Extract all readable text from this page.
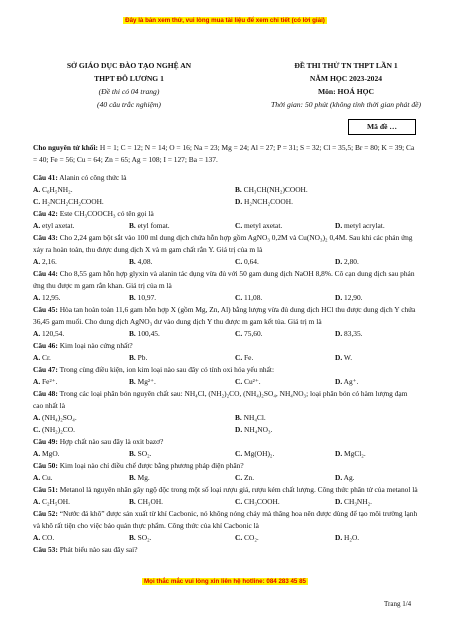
Đây là bản xem thử, vui lòng mua tài liệu để xem chi tiết (có lời giải)
SỞ GIÁO DỤC ĐÀO TẠO NGHỆ AN
THPT ĐÔ LƯƠNG 1
(Đề thi có 04 trang)
(40 câu trắc nghiệm)
ĐỀ THI THỬ TN THPT LẦN 1
NĂM HỌC 2023-2024
Môn: HOÁ HỌC
Thời gian: 50 phút (không tính thời gian phát đề)
Mã đề …
Cho nguyên tử khối: H = 1; C = 12; N = 14; O = 16; Na = 23; Mg = 24; Al = 27; P = 31; S = 32; Cl = 35,5; Br = 80; K = 39; Ca = 40; Fe = 56; Cu = 64; Zn = 65; Ag = 108; I = 127; Ba = 137.
Câu 41: Alanin có công thức là
A. C₆H₅NH₂.	B. CH₃CH(NH₂)COOH.
C. H₂NCH₂CH₂COOH.	D. H₂NCH₂COOH.
Câu 42: Este CH₃COOCH₃ có tên gọi là
A. etyl axetat.	B. etyl fomat.	C. metyl axetat.	D. metyl acrylat.
Câu 43: Cho 2,24 gam bột sắt vào 100 ml dung dịch chứa hỗn hợp gồm AgNO₃ 0,2M và Cu(NO₃)₂ 0,4M. Sau khi các phản ứng xảy ra hoàn toàn, thu được dung dịch X và m gam chất rắn Y. Giá trị của m là
A. 2,16.	B. 4,08.	C. 0,64.	D. 2,80.
Câu 44: Cho 8,55 gam hỗn hợp glyxin và alanin tác dụng vừa đủ với 50 gam dung dịch NaOH 8,8%. Cô cạn dung dịch sau phản ứng thu được m gam rắn khan. Giá trị của m là
A. 12,95.	B. 10,97.	C. 11,08.	D. 12,90.
Câu 45: Hòa tan hoàn toàn 11,6 gam hỗn hợp X (gồm Mg, Zn, Al) bằng lượng vừa đủ dung dịch HCl thu được dung dịch Y chứa 36,45 gam muối. Cho dung dịch AgNO₃ dư vào dung dịch Y thu được m gam kết tủa. Giá trị m là
A. 120,54.	B. 100,45.	C. 75,60.	D. 83,35.
Câu 46: Kim loại nào cứng nhất?
A. Cr.	B. Pb.	C. Fe.	D. W.
Câu 47: Trong cùng điều kiện, ion kim loại nào sau đây có tính oxi hóa yếu nhất:
A. Fe²⁺.	B. Mg²⁺.	C. Cu²⁺.	D. Ag⁺.
Câu 48: Trong các loại phân bón nguyên chất sau: NH₄Cl, (NH₂)₂CO, (NH₄)₂SO₄, NH₄NO₃; loại phân bón có hàm lượng đạm cao nhất là
A. (NH₄)₂SO₄.	B. NH₄Cl.
C. (NH₂)₂CO.	D. NH₄NO₃.
Câu 49: Hợp chất nào sau đây là oxit bazơ?
A. MgO.	B. SO₂.	C. Mg(OH)₂.	D. MgCl₂.
Câu 50: Kim loại nào chỉ điều chế được bằng phương pháp điện phân?
A. Cu.	B. Mg.	C. Zn.	D. Ag.
Câu 51: Metanol là nguyên nhân gây ngộ độc trong một số loại rượu giả, rượu kém chất lượng. Công thức phân tử của metanol là
A. C₂H₅OH.	B. CH₃OH.	C. CH₃COOH.	D. CH₃NH₂.
Câu 52: “Nước đá khô” được sản xuất từ khí Cacbonic, nó không nóng chảy mà thăng hoa nên được dùng để tạo môi trường lạnh và khô rất tiện cho việc bảo quản thực phẩm. Công thức của khí Cacbonic là
A. CO.	B. SO₂.	C. CO₂.	D. H₂O.
Câu 53: Phát biểu nào sau đây sai?
Mọi thắc mắc vui lòng xin liên hệ hotline: 084 283 45 85
Trang 1/4
